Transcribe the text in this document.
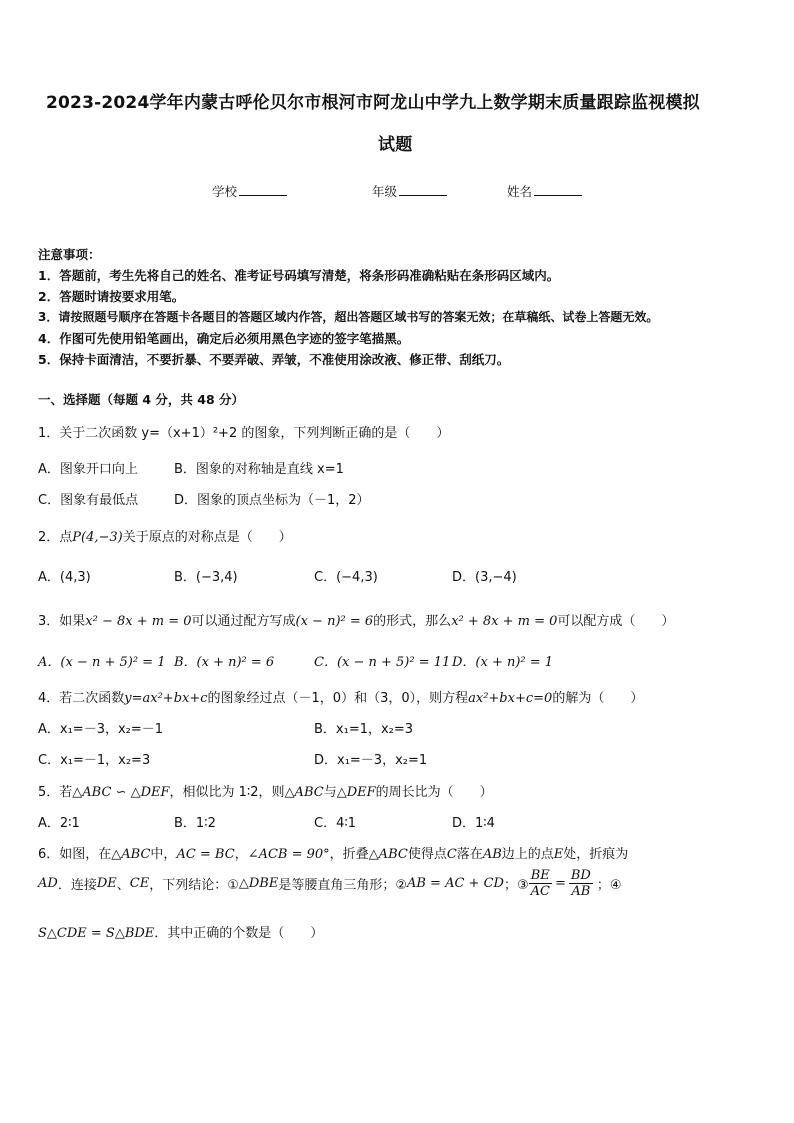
2023-2024学年内蒙古呼伦贝尔市根河市阿龙山中学九上数学期末质量跟踪监视模拟
试题
学校	年级	姓名
注意事项：
1．答题前，考生先将自己的姓名、准考证号码填写清楚，将条形码准确粘贴在条形码区域内。
2．答题时请按要求用笔。
3．请按照题号顺序在答题卡各题目的答题区域内作答，超出答题区域书写的答案无效；在草稿纸、试卷上答题无效。
4．作图可先使用铅笔画出，确定后必须用黑色字迹的签字笔描黑。
5．保持卡面清洁，不要折暴、不要弄破、弄皱，不准使用涂改液、修正带、刮纸刀。
一、选择题（每题 4 分，共 48 分）
1．关于二次函数 y=（x+1）²+2 的图象，下列判断正确的是（　　）
A．图象开口向上	B．图象的对称轴是直线 x=1
C．图象有最低点	D．图象的顶点坐标为（－1，2）
2．点P(4,−3)关于原点的对称点是（　　）
A．(4,3)	B．(−3,4)	C．(−4,3)	D．(3,−4)
3．如果x² − 8x + m = 0可以通过配方写成(x − n)² = 6的形式，那么x² + 8x + m = 0可以配方成（　　）
A．(x − n + 5)² = 1 B．(x + n)² = 6	C．(x − n + 5)² = 11 D．(x + n)² = 1
4．若二次函数y=ax²+bx+c的图象经过点（－1，0）和（3，0），则方程ax²+bx+c=0的解为（　　）
A．x₁=－3，x₂=－1	B．x₁=1，x₂=3
C．x₁=－1，x₂=3	D．x₁=－3，x₂=1
5．若△ABC ∽ △DEF，相似比为 1∶2，则△ABC与△DEF的周长比为（　　）
A．2∶1	B．1∶2	C．4∶1	D．1∶4
6．如图，在△ABC中，AC = BC，∠ACB = 90°，折叠△ABC使得点C落在AB边上的点E处，折痕为
AD ．连接 DE 、 CE ，下列结论：① △DBE 是等腰直角三角形；② AB = AC + CD ；③ $\frac{BE}{AC} = \frac{BD}{AB}$ ；④
S△CDE = S△BDE．其中正确的个数是（　　）
